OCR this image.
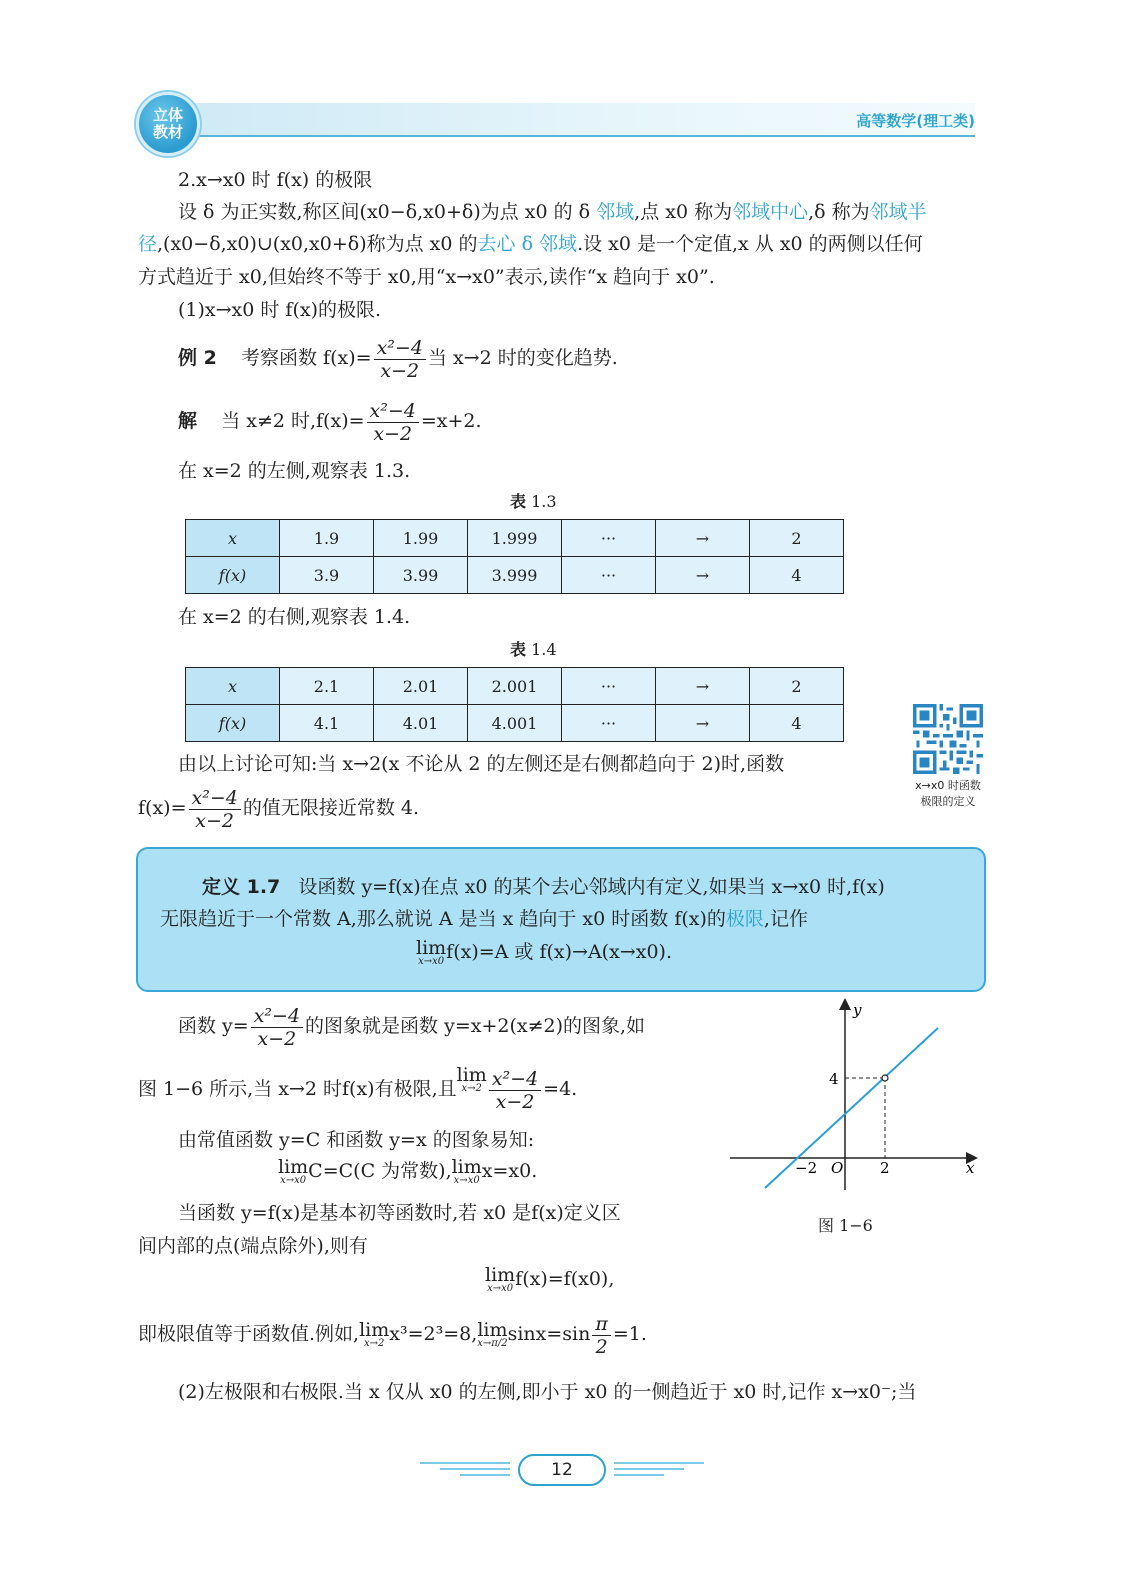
立体
教材
高等数学(理工类)
2.x→x0 时 f(x) 的极限
设 δ 为正实数,称区间(x0−δ,x0+δ)为点 x0 的 δ 邻域,点 x0 称为邻域中心,δ 称为邻域半
径,(x0−δ,x0)∪(x0,x0+δ)称为点 x0 的去心 δ 邻域.设 x0 是一个定值,x 从 x0 的两侧以任何
方式趋近于 x0,但始终不等于 x0,用“x→x0”表示,读作“x 趋向于 x0”.
(1)x→x0 时 f(x)的极限.
例 2 考察函数 $f(x)= \frac{\text{x²−4}}{x-2}$ 当 x→2 时的变化趋势.
解 当 x≠2 时$,f(x)= \frac{\text{x²−4}}{x-2} =x+2$.
在 x=2 的左侧,观察表 1.3.
表 1.3
x	1.9	1.99	1.999	···	→	2
f(x)	3.9	3.99	3.999	···	→	4
在 x=2 的右侧,观察表 1.4.
表 1.4
x	2.1	2.01	2.001	···	→	2
f(x)	4.1	4.01	4.001	···	→	4
x→x0 时函数
极限的定义
由以上讨论可知:当 x→2(x 不论从 2 的左侧还是右侧都趋向于 2)时,函数
$f(x)= \frac{\text{x²−4}}{x-2}$ 的值无限接近常数 4.
定义 1.7 设函数 y=f(x)在点 x0 的某个去心邻域内有定义,如果当 x→x0 时,f(x)
无限趋近于一个常数 A,那么就说 A 是当 x 趋向于 x0 时函数 f(x)的极限,记作
lim
x→x0 f(x)=A 或 f(x)→A(x→x0).
函数 $y= \frac{\text{x²−4}}{x-2}$ 的图象就是函数 y=x+2(x≠2)的图象,如
图 1−6 所示,当 x→2 时f(x)有极限,且lim
$x\to 2 \frac{\text{x²−4}}{x-2} =4$.
由常值函数 y=C 和函数 y=x 的图象易知:
lim
x→x0 C=C(C 为常数),lim
x→x0 x=x0.
当函数 y=f(x)是基本初等函数时,若 x0 是f(x)定义区
间内部的点(端点除外),则有
lim
x→x0 f(x)=f(x0),
即极限值等于函数值.例如,lim
x→2 x³=2³=8,lim
x→π/2 $\sin x=\sin \frac{\pi}{2} =1$.
(2)左极限和右极限.当 x 仅从 x0 的左侧,即小于 x0 的一侧趋近于 x0 时,记作 x→x0⁻;当
x
y
O
−2	2
4
图 1−6
12
